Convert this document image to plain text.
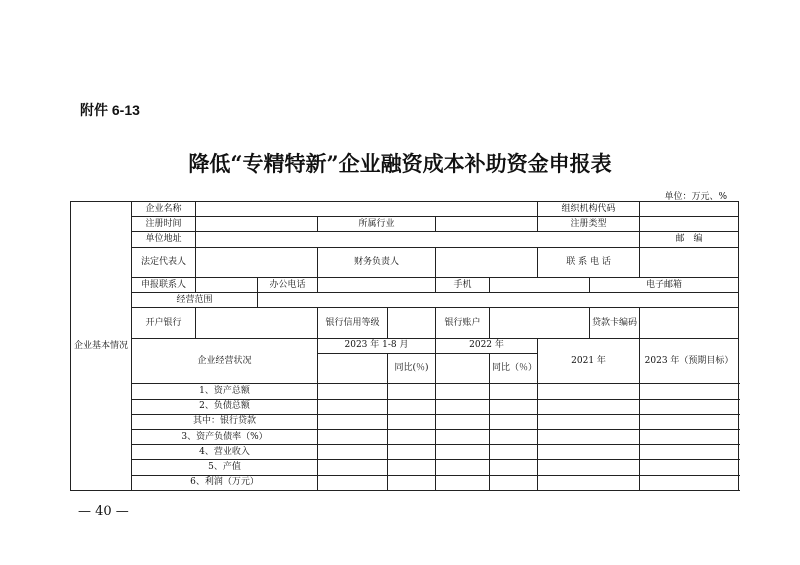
附件 6-13
降低“专精特新”企业融资成本补助资金申报表
单位：万元、%
企业基本情况	企业名称							组织机构代码			
	注册时间			所属行业				注册类型			
	单位地址									邮　编	
	法定代表人			财务负责人				联 系 电 话			
	申报联系人		办公电话			手机			电子邮箱		
	经营范围										
	开户银行			银行信用等级		银行账户			贷款卡编码		
	企业经营状况			2023 年 1-8 月		2022 年		2021 年		2023 年（预期目标）	
					同比(％)		同比（％）				
	1、资产总额										
	2、负债总额										
	其中：银行贷款										
	3、资产负债率（%）										
	4、营业收入										
	5、产值										
	6、利润（万元）										
— 40 —
